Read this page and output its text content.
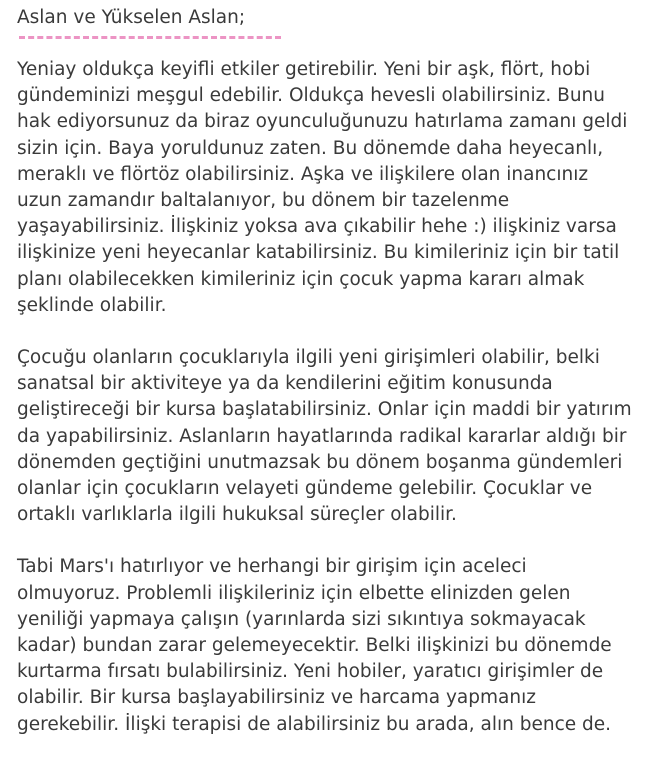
Aslan ve Yükselen Aslan;

Yeniay oldukça keyifli etkiler getirebilir. Yeni bir aşk, flört, hobi gündeminizi meşgul edebilir. Oldukça hevesli olabilirsiniz. Bunu hak ediyorsunuz da biraz oyunculuğunuzu hatırlama zamanı geldi sizin için. Baya yoruldunuz zaten. Bu dönemde daha heyecanlı, meraklı ve flörtöz olabilirsiniz. Aşka ve ilişkilere olan inancınız uzun zamandır baltalanıyor, bu dönem bir tazelenme yaşayabilirsiniz. İlişkiniz yoksa ava çıkabilir hehe :) ilişkiniz varsa ilişkinize yeni heyecanlar katabilirsiniz. Bu kimileriniz için bir tatil planı olabilecekken kimileriniz için çocuk yapma kararı almak şeklinde olabilir.

Çocuğu olanların çocuklarıyla ilgili yeni girişimleri olabilir, belki sanatsal bir aktiviteye ya da kendilerini eğitim konusunda geliştireceği bir kursa başlatabilirsiniz. Onlar için maddi bir yatırım da yapabilirsiniz. Aslanların hayatlarında radikal kararlar aldığı bir dönemden geçtiğini unutmazsak bu dönem boşanma gündemleri olanlar için çocukların velayeti gündeme gelebilir. Çocuklar ve ortaklı varlıklarla ilgili hukuksal süreçler olabilir.

Tabi Mars'ı hatırlıyor ve herhangi bir girişim için aceleci olmuyoruz. Problemli ilişkileriniz için elbette elinizden gelen yeniliği yapmaya çalışın (yarınlarda sizi sıkıntıya sokmayacak kadar) bundan zarar gelemeyecektir. Belki ilişkinizi bu dönemde kurtarma fırsatı bulabilirsiniz. Yeni hobiler, yaratıcı girişimler de olabilir. Bir kursa başlayabilirsiniz ve harcama yapmanız gerekebilir. İlişki terapisi de alabilirsiniz bu arada, alın bence de.
